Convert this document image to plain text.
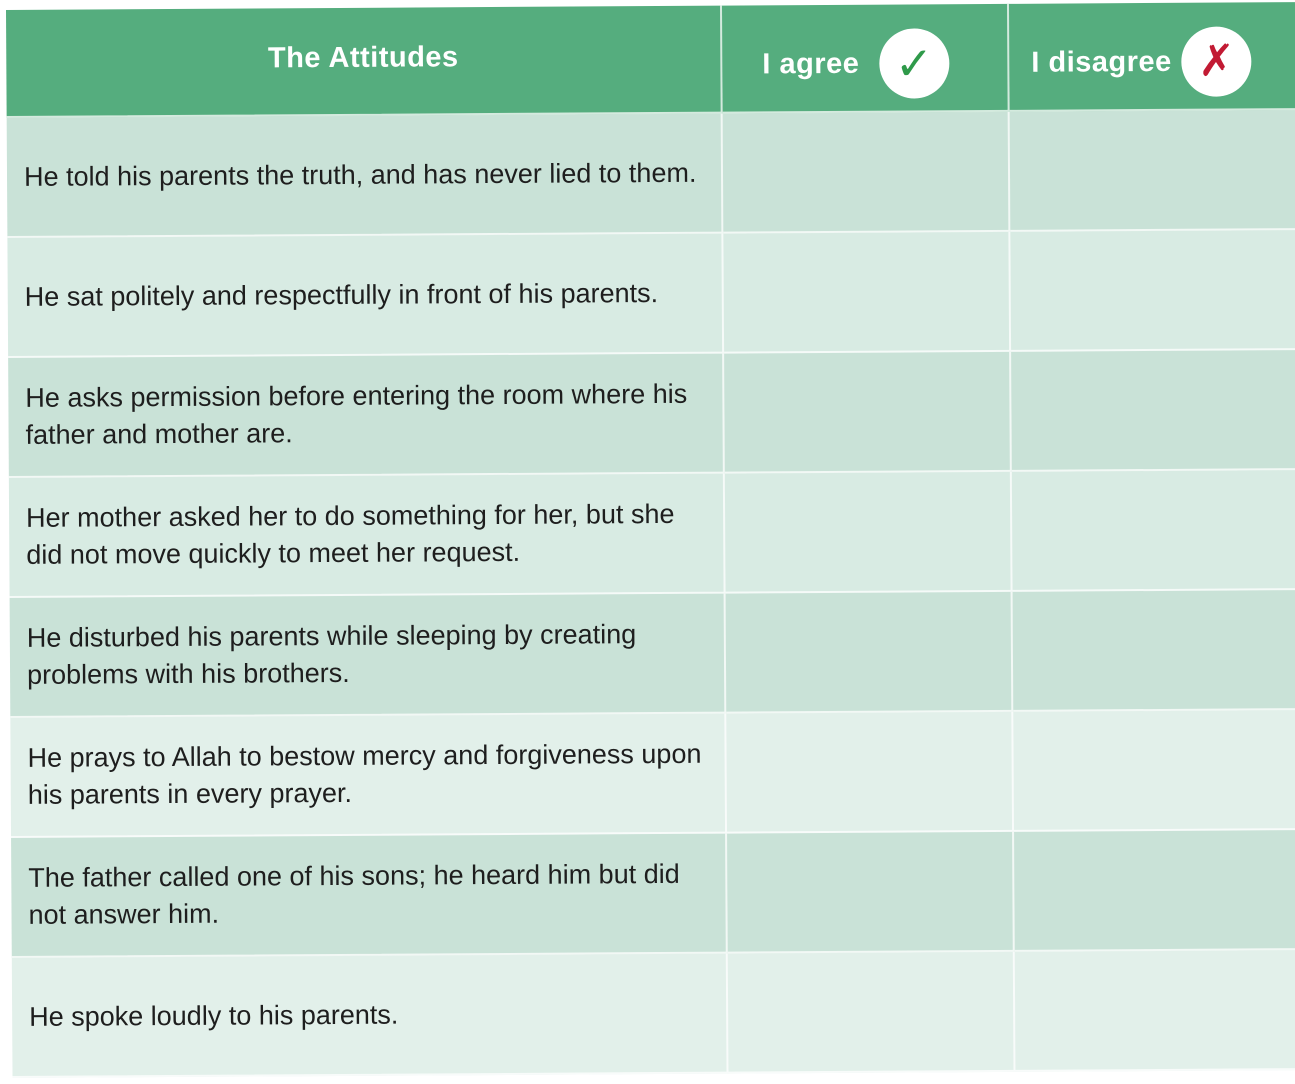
The Attitudes	I agree ✓	I disagree ✗
He told his parents the truth, and has never lied to them.
He sat politely and respectfully in front of his parents.
He asks permission before entering the room where his father and mother are.
Her mother asked her to do something for her, but she did not move quickly to meet her request.
He disturbed his parents while sleeping by creating problems with his brothers.
He prays to Allah to bestow mercy and forgiveness upon his parents in every prayer.
The father called one of his sons; he heard him but did not answer him.
He spoke loudly to his parents.
